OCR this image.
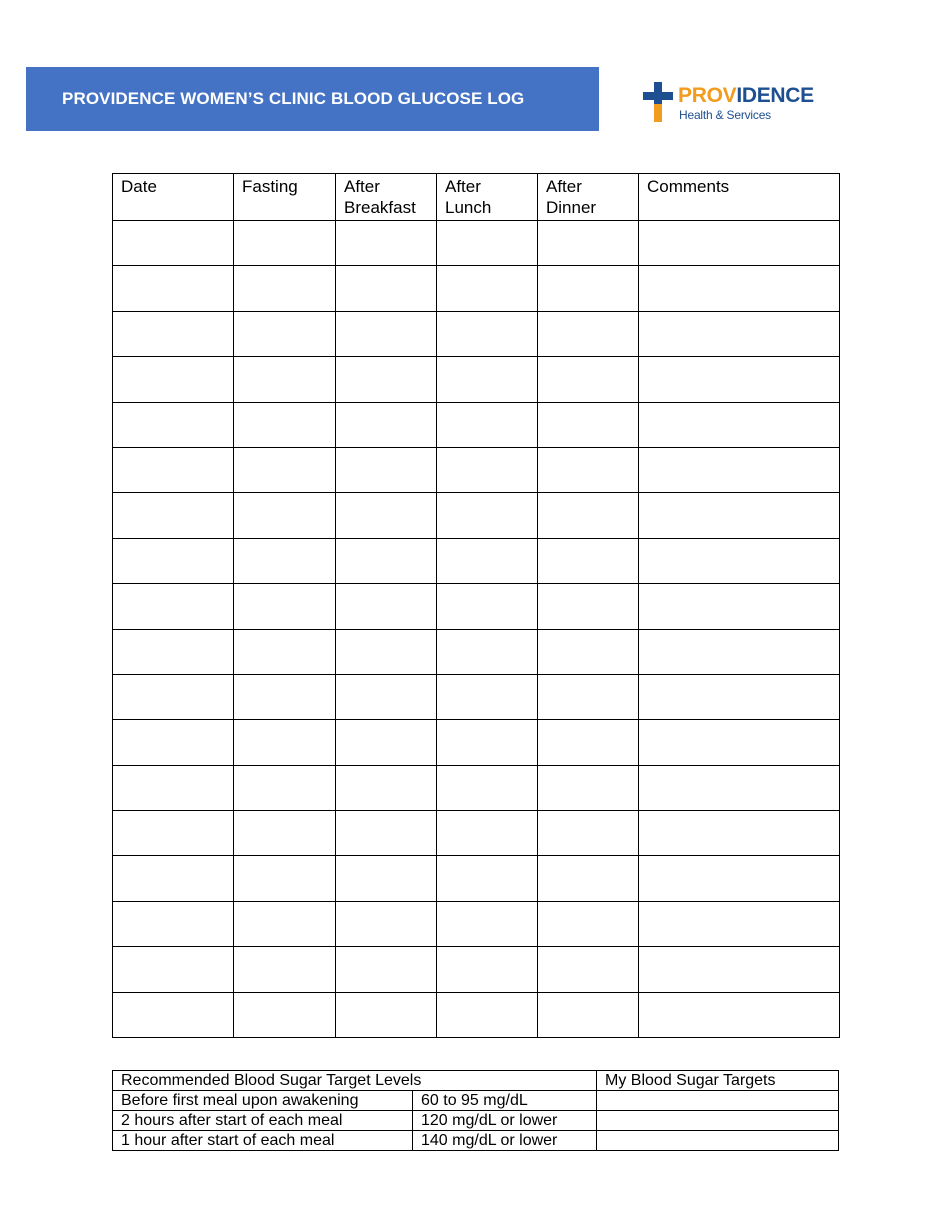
PROVIDENCE WOMEN’S CLINIC BLOOD GLUCOSE LOG	PROVIDENCE
Health & Services
Date	Fasting	After Breakfast	After Lunch	After Dinner	Comments

Recommended Blood Sugar Target Levels		My Blood Sugar Targets
Before first meal upon awakening	60 to 95 mg/dL	
2 hours after start of each meal	120 mg/dL or lower	
1 hour after start of each meal	140 mg/dL or lower	
